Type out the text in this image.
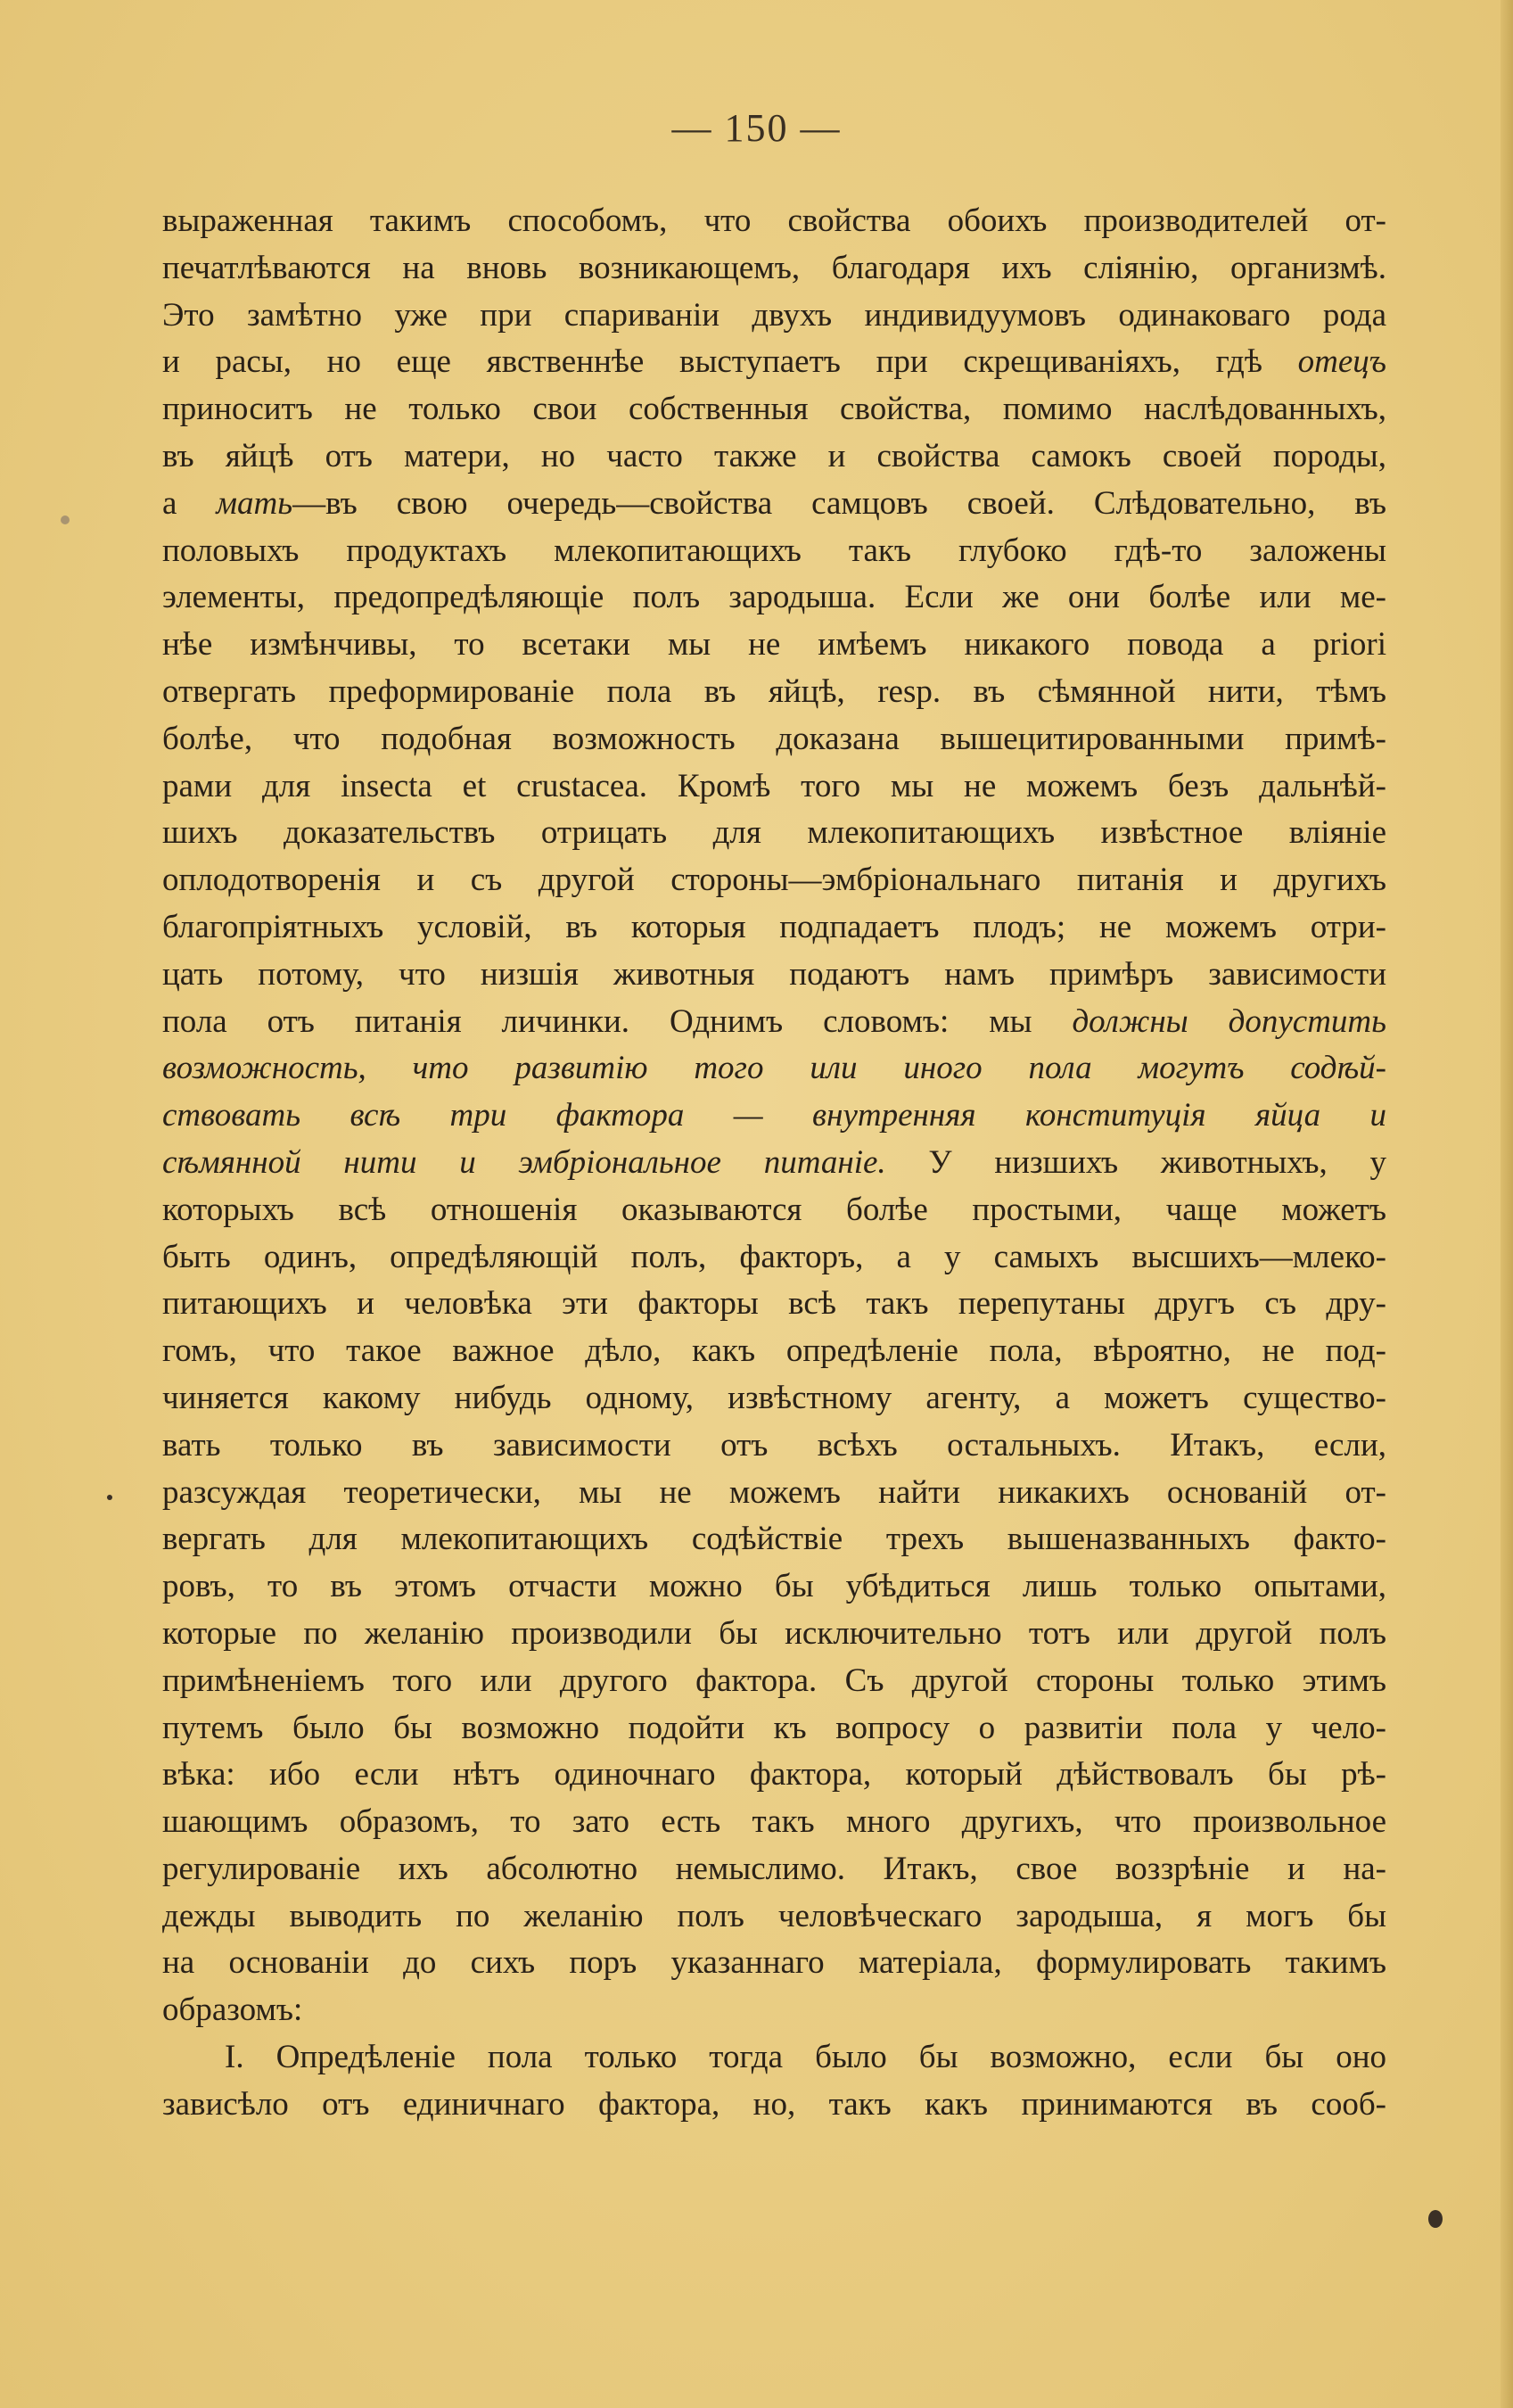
— 150 —
выраженная такимъ способомъ, что свойства обоихъ производителей от-
печатлѣваются на вновь возникающемъ, благодаря ихъ слiянiю, организмѣ.
Это замѣтно уже при спариванiи двухъ индивидуумовъ одинаковаго рода
и расы, но еще явственнѣе выступаетъ при скрещиванiяхъ, гдѣ отецъ
приноситъ не только свои собственныя свойства, помимо наслѣдованныхъ,
въ яйцѣ отъ матери, но часто также и свойства самокъ своей породы,
а мать—въ свою очередь—свойства самцовъ своей. Слѣдовательно, въ
половыхъ продуктахъ млекопитающихъ такъ глубоко гдѣ-то заложены
элементы, предопредѣляющiе полъ зародыша. Если же они болѣе или ме-
нѣе измѣнчивы, то всетаки мы не имѣемъ никакого повода a priori
отвергать преформированiе пола въ яйцѣ, resp. въ сѣмянной нити, тѣмъ
болѣе, что подобная возможность доказана вышецитированными примѣ-
рами для insecta et crustacea. Кромѣ того мы не можемъ безъ дальнѣй-
шихъ доказательствъ отрицать для млекопитающихъ извѣстное влiянiе
оплодотворенiя и съ другой стороны—эмбрiональнаго питанiя и другихъ
благопрiятныхъ условiй, въ которыя подпадаетъ плодъ; не можемъ отри-
цать потому, что низшiя животныя подаютъ намъ примѣръ зависимости
пола отъ питанiя личинки. Однимъ словомъ: мы должны допустить
возможность, что развитiю того или иного пола могутъ содѣй-
ствовать всѣ три фактора — внутренняя конституцiя яйца и
сѣмянной нити и эмбрiональное питанiе. У низшихъ животныхъ, у
которыхъ всѣ отношенiя оказываются болѣе простыми, чаще можетъ
быть одинъ, опредѣляющiй полъ, факторъ, а у самыхъ высшихъ—млеко-
питающихъ и человѣка эти факторы всѣ такъ перепутаны другъ съ дру-
гомъ, что такое важное дѣло, какъ опредѣленiе пола, вѣроятно, не под-
чиняется какому нибудь одному, извѣстному агенту, а можетъ существо-
вать только въ зависимости отъ всѣхъ остальныхъ. Итакъ, если,
разсуждая теоретически, мы не можемъ найти никакихъ основанiй от-
вергать для млекопитающихъ содѣйствiе трехъ вышеназванныхъ факто-
ровъ, то въ этомъ отчасти можно бы убѣдиться лишь только опытами,
которые по желанiю производили бы исключительно тотъ или другой полъ
примѣненiемъ того или другого фактора. Съ другой стороны только этимъ
путемъ было бы возможно подойти къ вопросу о развитiи пола у чело-
вѣка: ибо если нѣтъ одиночнаго фактора, который дѣйствовалъ бы рѣ-
шающимъ образомъ, то зато есть такъ много другихъ, что произвольное
регулированiе ихъ абсолютно немыслимо. Итакъ, свое воззрѣнiе и на-
дежды выводить по желанiю полъ человѣческаго зародыша, я могъ бы
на основанiи до сихъ поръ указаннаго матерiала, формулировать такимъ
образомъ:
I. Опредѣленiе пола только тогда было бы возможно, если бы оно
зависѣло отъ единичнаго фактора, но, такъ какъ принимаются въ сооб-
